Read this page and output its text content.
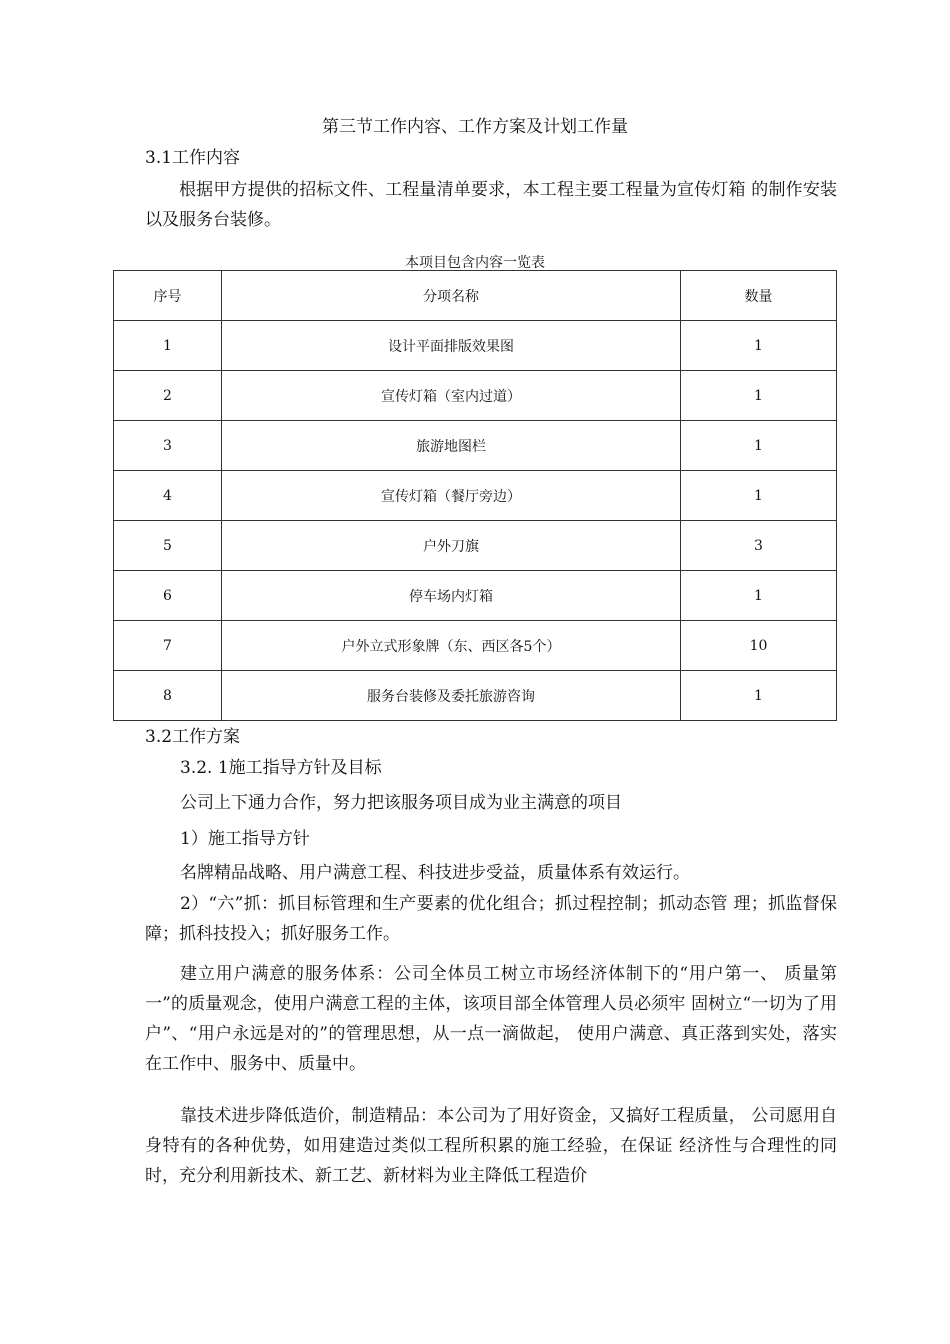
第三节工作内容、工作方案及计划工作量
3.1工作内容
根据甲方提供的招标文件、工程量清单要求，本工程主要工程量为宣传灯箱 的制作安装以及服务台装修。
本项目包含内容一览表
序号	分项名称	数量
1	设计平面排版效果图	1
2	宣传灯箱（室内过道）	1
3	旅游地图栏	1
4	宣传灯箱（餐厅旁边）	1
5	户外刀旗	3
6	停车场内灯箱	1
7	户外立式形象牌（东、西区各5个）	10
8	服务台装修及委托旅游咨询	1
3.2工作方案
3.2. 1施工指导方针及目标
公司上下通力合作，努力把该服务项目成为业主满意的项目
1）施工指导方针
名牌精品战略、用户满意工程、科技进步受益，质量体系有效运行。
2）“六”抓：抓目标管理和生产要素的优化组合；抓过程控制；抓动态管 理；抓监督保障；抓科技投入；抓好服务工作。
建立用户满意的服务体系：公司全体员工树立市场经济体制下的“用户第一、 质量第一”的质量观念，使用户满意工程的主体，该项目部全体管理人员必须牢 固树立“一切为了用户”、“用户永远是对的”的管理思想，从一点一滴做起， 使用户满意、真正落到实处，落实在工作中、服务中、质量中。
靠技术进步降低造价，制造精品：本公司为了用好资金，又搞好工程质量， 公司愿用自身特有的各种优势，如用建造过类似工程所积累的施工经验，在保证 经济性与合理性的同时，充分利用新技术、新工艺、新材料为业主降低工程造价
